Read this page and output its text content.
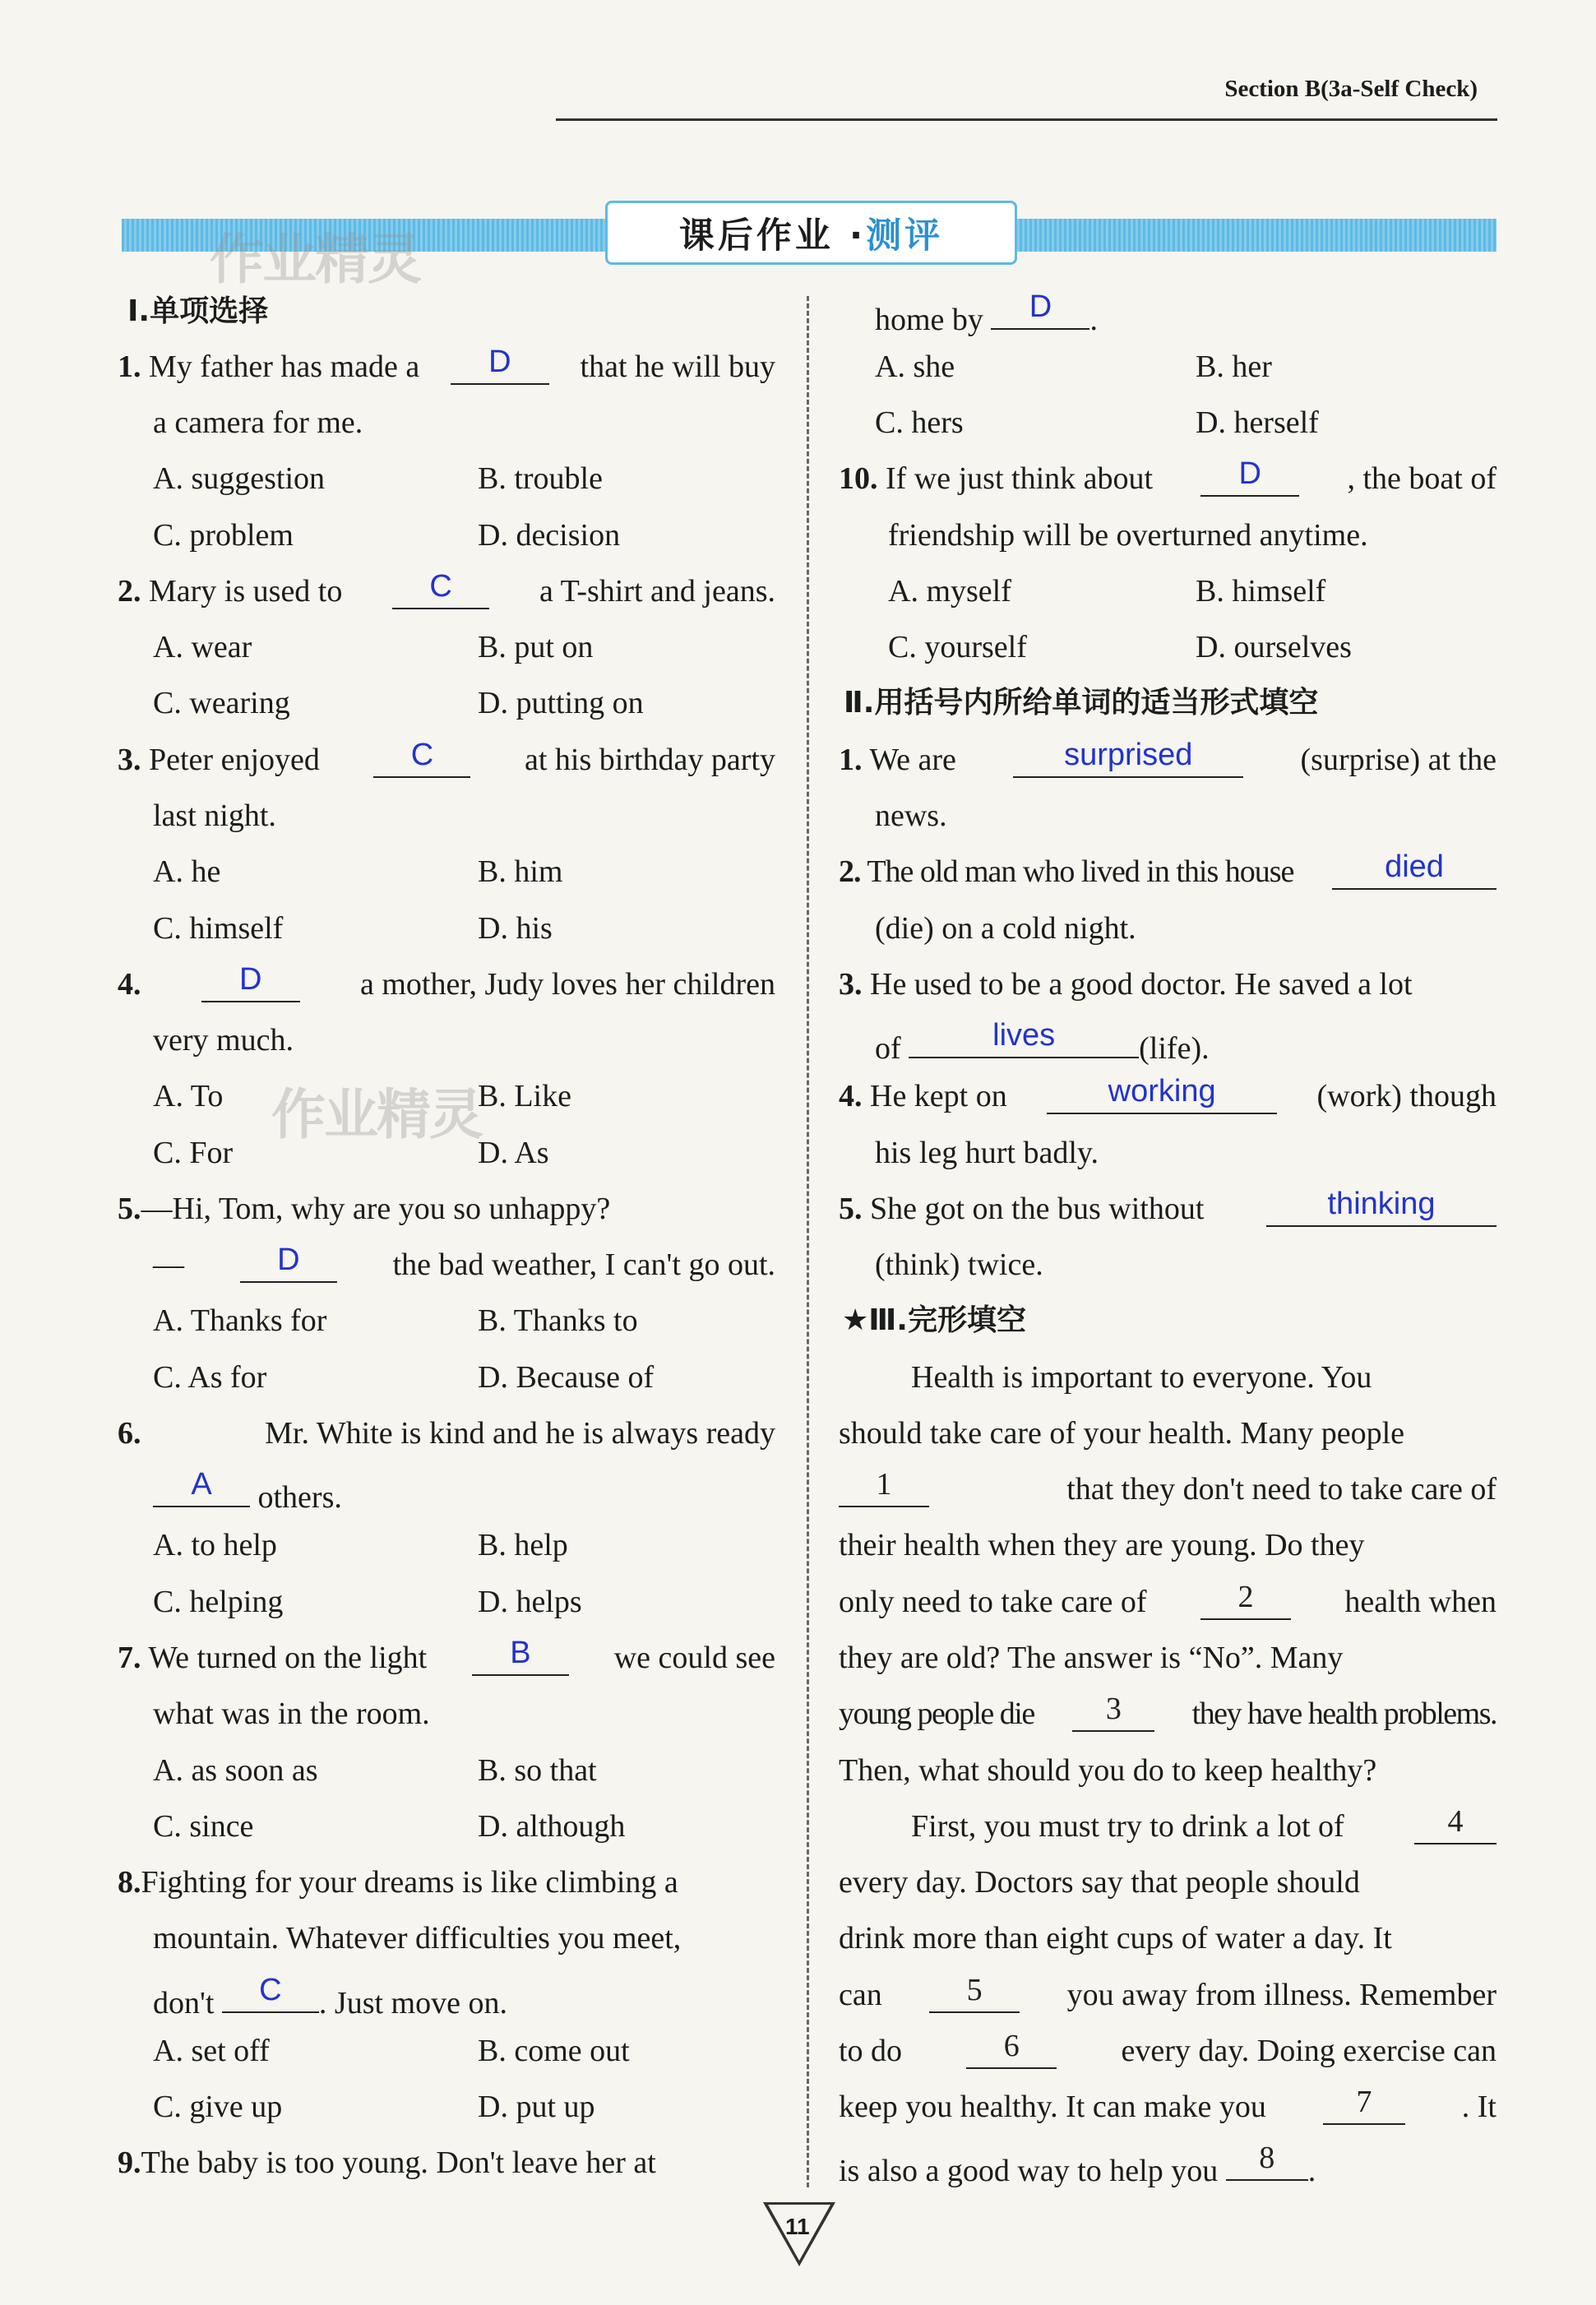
Section B(3a-Self Check)
课后作业 · 测评
作业精灵
作业精灵
Ⅰ.单项选择
1. My father has made a	D	that he will buy
a camera for me.
A. suggestion	B. trouble
C. problem	D. decision
2. Mary is used to	C	a T-shirt and jeans.
A. wear	B. put on
C. wearing	D. putting on
3. Peter enjoyed	C	at his birthday party
last night.
A. he	B. him
C. himself	D. his
4.	D	a mother, Judy loves her children
very much.
A. To	B. Like
C. For	D. As
5.—Hi, Tom, why are you so unhappy?
—	D	the bad weather, I can't go out.
A. Thanks for	B. Thanks to
C. As for	D. Because of
6.	Mr. White is kind and he is always ready
A	others.
A. to help	B. help
C. helping	D. helps
7. We turned on the light	B	we could see
what was in the room.
A. as soon as	B. so that
C. since	D. although
8.Fighting for your dreams is like climbing a
mountain. Whatever difficulties you meet,
don't	C	. Just move on.
A. set off	B. come out
C. give up	D. put up
9.The baby is too young. Don't leave her at
home by	D	.
A. she	B. her
C. hers	D. herself
10. If we just think about	D	, the boat of
friendship will be overturned anytime.
A. myself	B. himself
C. yourself	D. ourselves
Ⅱ.用括号内所给单词的适当形式填空
1. We are	surprised	(surprise) at the
news.
2. The old man who lived in this house	died
(die) on a cold night.
3. He used to be a good doctor. He saved a lot
of	lives	(life).
4. He kept on	working	(work) though
his leg hurt badly.
5. She got on the bus without	thinking
(think) twice.
★Ⅲ.完形填空
Health is important to everyone. You
should take care of your health. Many people
1	that they don't need to take care of
their health when they are young. Do they
only need to take care of	2	health when
they are old? The answer is “No”. Many
young people die	3	they have health problems.
Then, what should you do to keep healthy?
First, you must try to drink a lot of	4
every day. Doctors say that people should
drink more than eight cups of water a day. It
can	5	you away from illness. Remember
to do	6	every day. Doing exercise can
keep you healthy. It can make you	7	. It
is also a good way to help you	8	.
11
